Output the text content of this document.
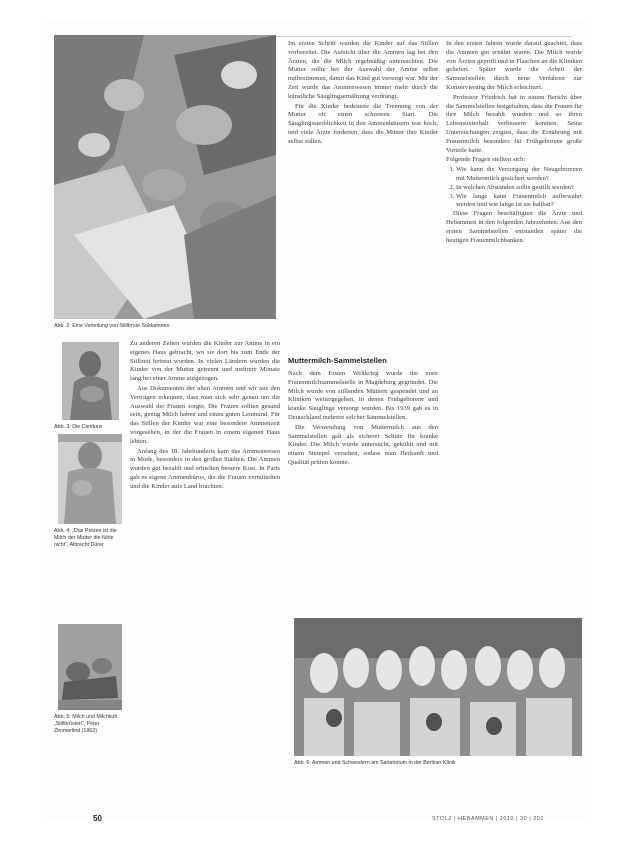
Abb. 2: Eine Verteilung von Stillbrust-Soldatinnen

Abb. 3: Die Cieritura

Abb. 4: „Das Petzen ist die Milch der Mutter die fühle nicht“, Albrecht Dürer

Abb. 5: Milch und Milchkuh „Stillbrüsten“, Peter Zimmerlind (1863)

Zu anderen Zeiten wurden die Kinder zur Amme in ein eigenes Haus gebracht, wo sie dort bis zum Ende der Stillzeit betreut wurden. In vielen Ländern wurden die Kinder von der Mutter getrennt und mehrere Monate lang bei einer Amme aufgezogen.

Aus Dokumenten der alten Ammen und wir aus den Verträgen erkennen, dass man sich sehr genau um die Auswahl der Frauen sorgte. Die Frauen sollten gesund sein, genug Milch haben und einen guten Leumund. Für das Stillen der Kinder war eine besondere Ammenzeit vorgesehen, in der die Frauen in einem eigenen Haus lebten.

Anfang des 18. Jahrhunderts kam das Ammenwesen in Mode, besonders in den großen Städten. Die Ammen wurden gut bezahlt und erhielten bessere Kost. In Paris gab es eigene Ammenbüros, die die Frauen vermittelten und die Kinder aufs Land brachten.

Im ersten Schritt wurden die Kinder auf das Stillen vorbereitet. Die Aufsicht über die Ammen lag bei den Ärzten, die die Milch regelmäßig untersuchten. Die Mutter sollte bei der Auswahl der Amme selbst mitbestimmen, damit das Kind gut versorgt war. Mit der Zeit wurde das Ammenwesen immer mehr durch die künstliche Säuglingsernährung verdrängt.

Für die Kinder bedeutete die Trennung von der Mutter oft einen schweren Start. Die Säuglingssterblichkeit in den Ammenhäusern war hoch, und viele Ärzte forderten, dass die Mütter ihre Kinder selbst stillen.

Muttermilch-Sammelstellen

Nach dem Ersten Weltkrieg wurde die erste Frauenmilchsammelstelle in Magdeburg gegründet. Die Milch wurde von stillenden Müttern gespendet und an Kliniken weitergegeben, in denen Frühgeborene und kranke Säuglinge versorgt wurden. Bis 1939 gab es in Deutschland mehrere solcher Sammelstellen.

Die Verwendung von Muttermilch aus den Sammelstellen galt als sicherer Schutz für kranke Kinder. Die Milch wurde untersucht, gekühlt und mit einem Stempel versehen, sodass man Herkunft und Qualität prüfen konnte.

In den ersten Jahren wurde darauf geachtet, dass die Ammen gut ernährt waren. Die Milch wurde von Ärzten geprüft und in Flaschen an die Kliniken geliefert. Später wurde die Arbeit der Sammelstellen durch neue Verfahren zur Konservierung der Milch erleichtert.

Professor Friedrich hat in einem Bericht über die Sammelstellen festgehalten, dass die Frauen für ihre Milch bezahlt wurden und so ihren Lebensunterhalt verbessern konnten. Seine Untersuchungen zeigten, dass die Ernährung mit Frauenmilch besonders für Frühgeborene große Vorteile hatte.

Folgende Fragen stellten sich:

1. Wie kann die Versorgung der Neugeborenen mit Muttermilch gesichert werden?
2. In welchen Abständen sollte gestillt werden?
3. Wie lange kann Frauenmilch aufbewahrt werden und wie lange ist sie haltbar?

Diese Fragen beschäftigten die Ärzte und Hebammen in den folgenden Jahrzehnten. Aus den ersten Sammelstellen entstanden später die heutigen Frauenmilchbanken.

Abb. 6: Ammen und Schwestern am Sanatorium in der Berliner Klinik

50	STOLZ | HEBAMMEN | 2010 | 30 | 201
